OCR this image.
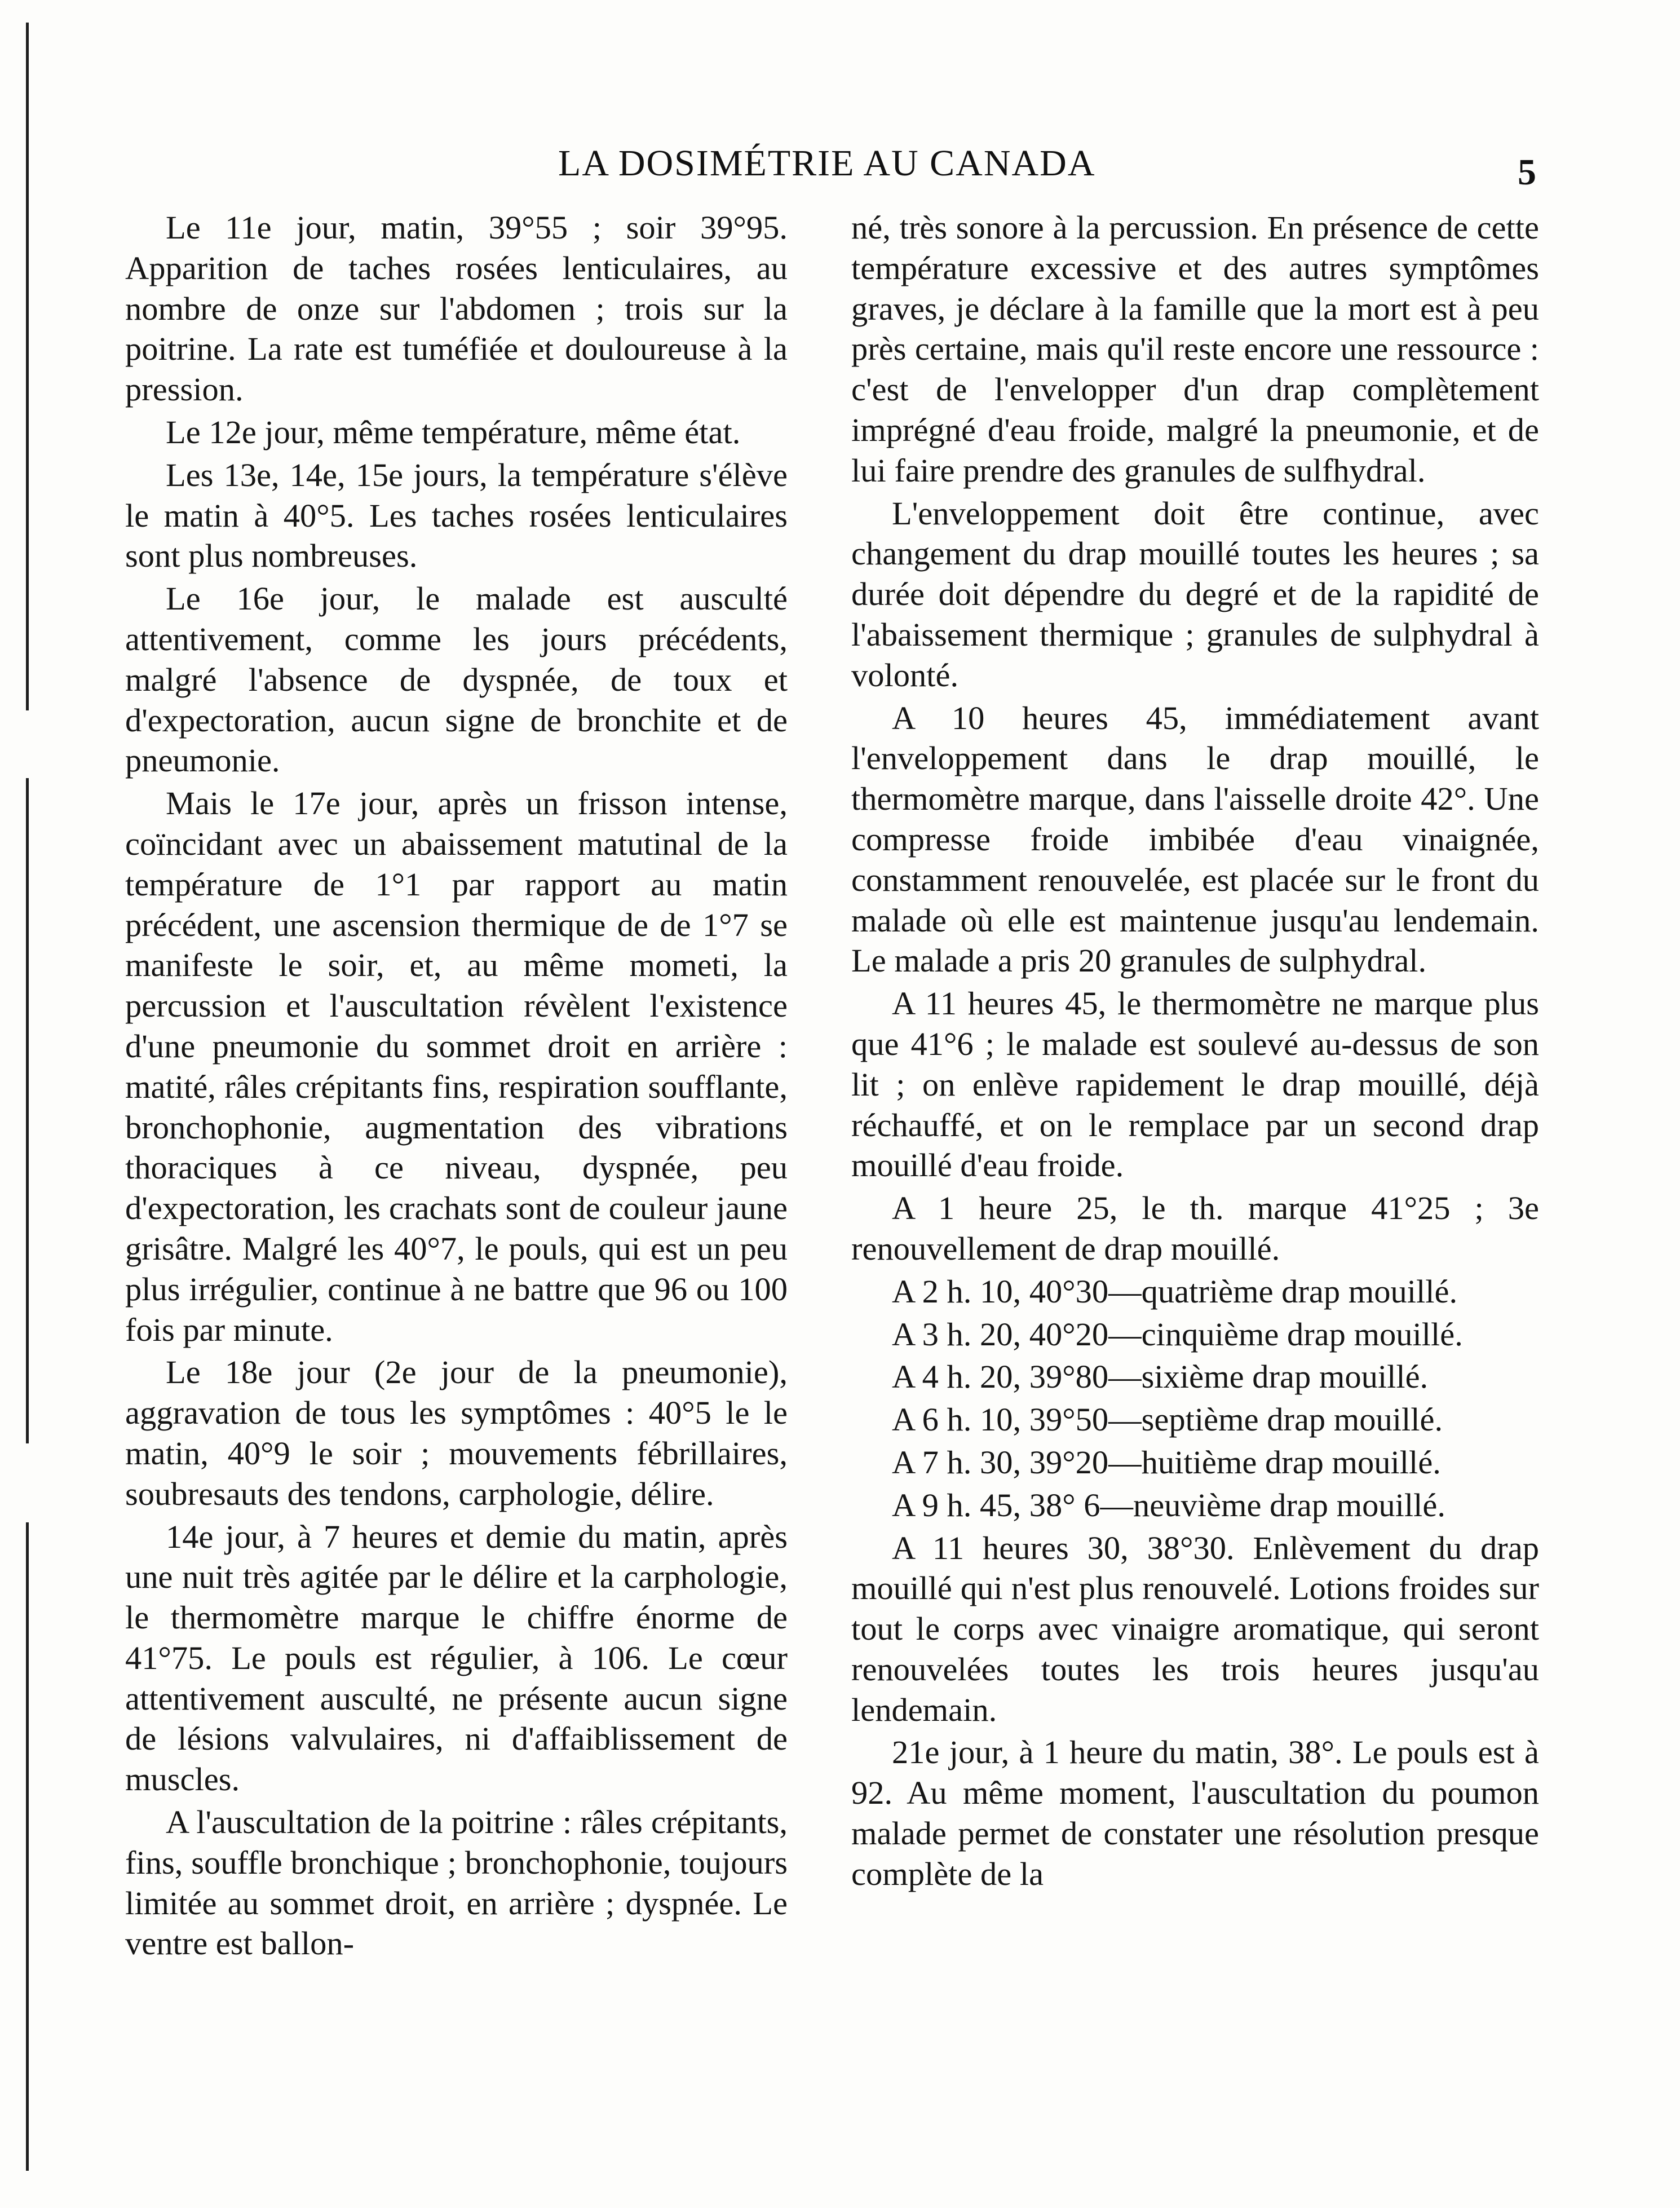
LA DOSIMÉTRIE AU CANADA	5

Le 11e jour, matin, 39°55 ; soir 39°95. Apparition de taches rosées lenticulaires, au nombre de onze sur l'abdomen ; trois sur la poitrine. La rate est tuméfiée et douloureuse à la pression.

Le 12e jour, même température, même état.

Les 13e, 14e, 15e jours, la température s'élève le matin à 40°5. Les taches rosées lenticulaires sont plus nombreuses.

Le 16e jour, le malade est ausculté attentivement, comme les jours précédents, malgré l'absence de dyspnée, de toux et d'expectoration, aucun signe de bronchite et de pneumonie.

Mais le 17e jour, après un frisson intense, coïncidant avec un abaissement matutinal de la température de 1°1 par rapport au matin précédent, une ascension thermique de de 1°7 se manifeste le soir, et, au même mometi, la percussion et l'auscultation révèlent l'existence d'une pneumonie du sommet droit en arrière : matité, râles crépitants fins, respiration soufflante, bronchophonie, augmentation des vibrations thoraciques à ce niveau, dyspnée, peu d'expectoration, les crachats sont de couleur jaune grisâtre. Malgré les 40°7, le pouls, qui est un peu plus irrégulier, continue à ne battre que 96 ou 100 fois par minute.

Le 18e jour (2e jour de la pneumonie), aggravation de tous les symptômes : 40°5 le le matin, 40°9 le soir ; mouvements fébrillaires, soubresauts des tendons, carphologie, délire.

14e jour, à 7 heures et demie du matin, après une nuit très agitée par le délire et la carphologie, le thermomètre marque le chiffre énorme de 41°75. Le pouls est régulier, à 106. Le cœur attentivement ausculté, ne présente aucun signe de lésions valvulaires, ni d'affaiblissement de muscles.

A l'auscultation de la poitrine : râles crépitants, fins, souffle bronchique ; bronchophonie, toujours limitée au sommet droit, en arrière ; dyspnée. Le ventre est ballon-

né, très sonore à la percussion. En présence de cette température excessive et des autres symptômes graves, je déclare à la famille que la mort est à peu près certaine, mais qu'il reste encore une ressource : c'est de l'envelopper d'un drap complètement imprégné d'eau froide, malgré la pneumonie, et de lui faire prendre des granules de sulfhydral.

L'enveloppement doit être continue, avec changement du drap mouillé toutes les heures ; sa durée doit dépendre du degré et de la rapidité de l'abaissement thermique ; granules de sulphydral à volonté.

A 10 heures 45, immédiatement avant l'enveloppement dans le drap mouillé, le thermomètre marque, dans l'aisselle droite 42°. Une compresse froide imbibée d'eau vinaignée, constamment renouvelée, est placée sur le front du malade où elle est maintenue jusqu'au lendemain. Le malade a pris 20 granules de sulphydral.

A 11 heures 45, le thermomètre ne marque plus que 41°6 ; le malade est soulevé au-dessus de son lit ; on enlève rapidement le drap mouillé, déjà réchauffé, et on le remplace par un second drap mouillé d'eau froide.

A 1 heure 25, le th. marque 41°25 ; 3e renouvellement de drap mouillé.

A 2 h. 10, 40°30—quatrième drap mouillé.

A 3 h. 20, 40°20—cinquième drap mouillé.

A 4 h. 20, 39°80—sixième drap mouillé.

A 6 h. 10, 39°50—septième drap mouillé.

A 7 h. 30, 39°20—huitième drap mouillé.

A 9 h. 45, 38° 6—neuvième drap mouillé.

A 11 heures 30, 38°30. Enlèvement du drap mouillé qui n'est plus renouvelé. Lotions froides sur tout le corps avec vinaigre aromatique, qui seront renouvelées toutes les trois heures jusqu'au lendemain.

21e jour, à 1 heure du matin, 38°. Le pouls est à 92. Au même moment, l'auscultation du poumon malade permet de constater une résolution presque complète de la
